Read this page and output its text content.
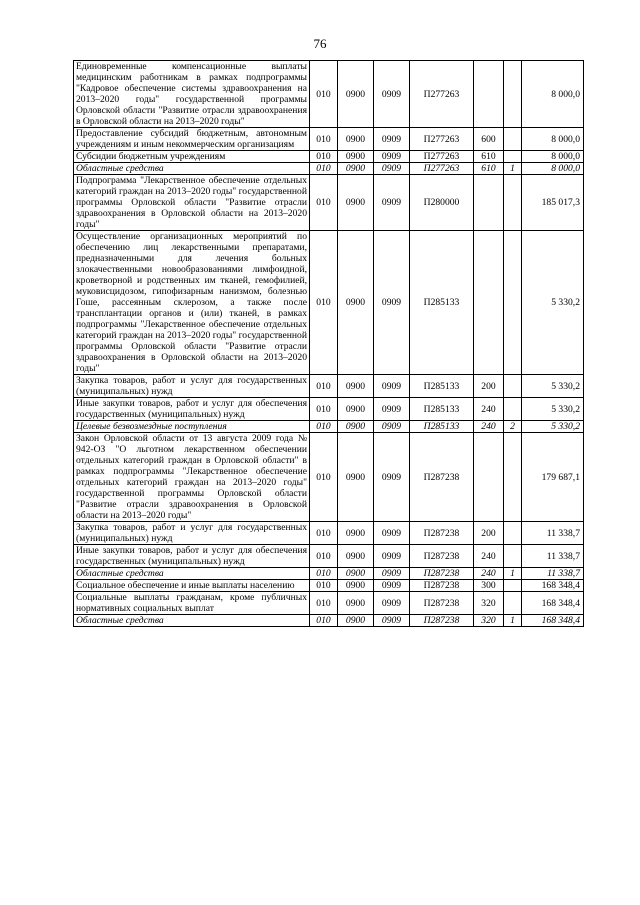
76
Единовременные компенсационные выплаты медицинским работникам в рамках подпрограммы "Кадровое обеспечение системы здравоохранения на 2013–2020 годы" государственной программы Орловской области "Развитие отрасли здравоохранения в Орловской области на 2013–2020 годы"	010	0900	0909	П277263			8 000,0
Предоставление субсидий бюджетным, автономным учреждениям и иным некоммерческим организациям	010	0900	0909	П277263	600		8 000,0
Субсидии бюджетным учреждениям	010	0900	0909	П277263	610		8 000,0
Областные средства	010	0900	0909	П277263	610	1	8 000,0
Подпрограмма "Лекарственное обеспечение отдельных категорий граждан на 2013–2020 годы" государственной программы Орловской области "Развитие отрасли здравоохранения в Орловской области на 2013–2020 годы"	010	0900	0909	П280000			185 017,3
Осуществление организационных мероприятий по обеспечению лиц лекарственными препаратами, предназначенными для лечения больных злокачественными новообразованиями лимфоидной, кроветворной и родственных им тканей, гемофилией, муковисцидозом, гипофизарным нанизмом, болезнью Гоше, рассеянным склерозом, а также после трансплантации органов и (или) тканей, в рамках подпрограммы "Лекарственное обеспечение отдельных категорий граждан на 2013–2020 годы" государственной программы Орловской области "Развитие отрасли здравоохранения в Орловской области на 2013–2020 годы"	010	0900	0909	П285133			5 330,2
Закупка товаров, работ и услуг для государственных (муниципальных) нужд	010	0900	0909	П285133	200		5 330,2
Иные закупки товаров, работ и услуг для обеспечения государственных (муниципальных) нужд	010	0900	0909	П285133	240		5 330,2
Целевые безвозмездные поступления	010	0900	0909	П285133	240	2	5 330,2
Закон Орловской области от 13 августа 2009 года № 942-ОЗ "О льготном лекарственном обеспечении отдельных категорий граждан в Орловской области" в рамках подпрограммы "Лекарственное обеспечение отдельных категорий граждан на 2013–2020 годы" государственной программы Орловской области "Развитие отрасли здравоохранения в Орловской области на 2013–2020 годы"	010	0900	0909	П287238			179 687,1
Закупка товаров, работ и услуг для государственных (муниципальных) нужд	010	0900	0909	П287238	200		11 338,7
Иные закупки товаров, работ и услуг для обеспечения государственных (муниципальных) нужд	010	0900	0909	П287238	240		11 338,7
Областные средства	010	0900	0909	П287238	240	1	11 338,7
Социальное обеспечение и иные выплаты населению	010	0900	0909	П287238	300		168 348,4
Социальные выплаты гражданам, кроме публичных нормативных социальных выплат	010	0900	0909	П287238	320		168 348,4
Областные средства	010	0900	0909	П287238	320	1	168 348,4
